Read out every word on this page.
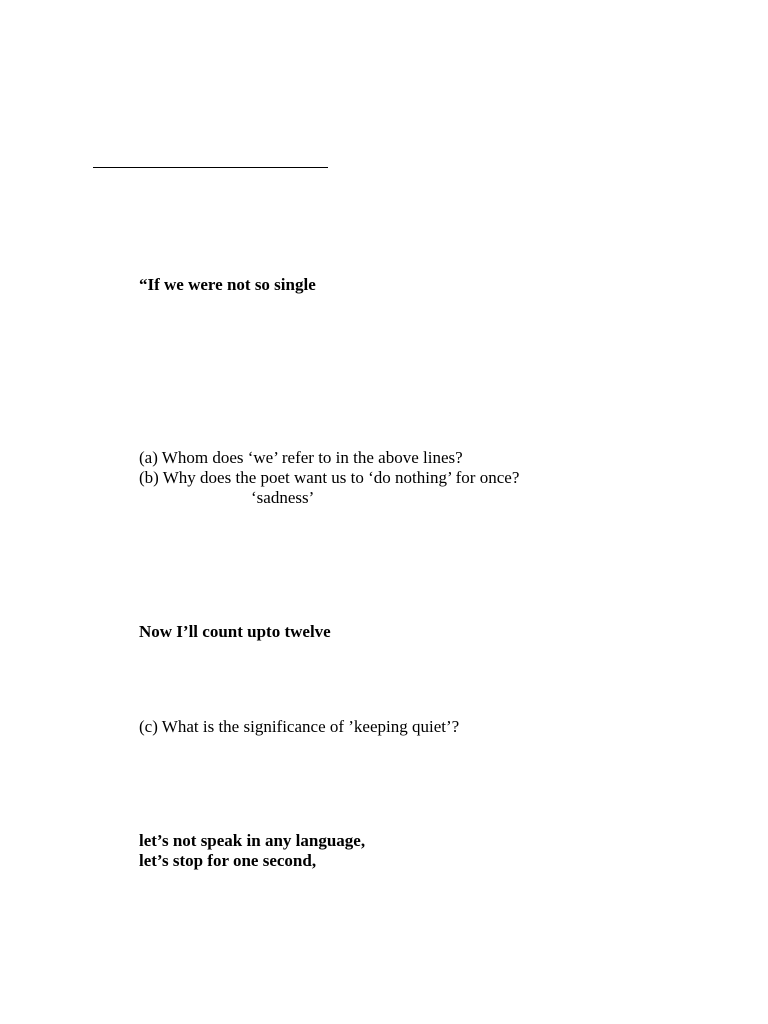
“If we were not so single
(a) Whom does ‘we’ refer to in the above lines?
(b) Why does the poet want us to ‘do nothing’ for once?
‘sadness’
Now I’ll count upto twelve
(c) What is the significance of ’keeping quiet’?
let’s not speak in any language,
let’s stop for one second,
